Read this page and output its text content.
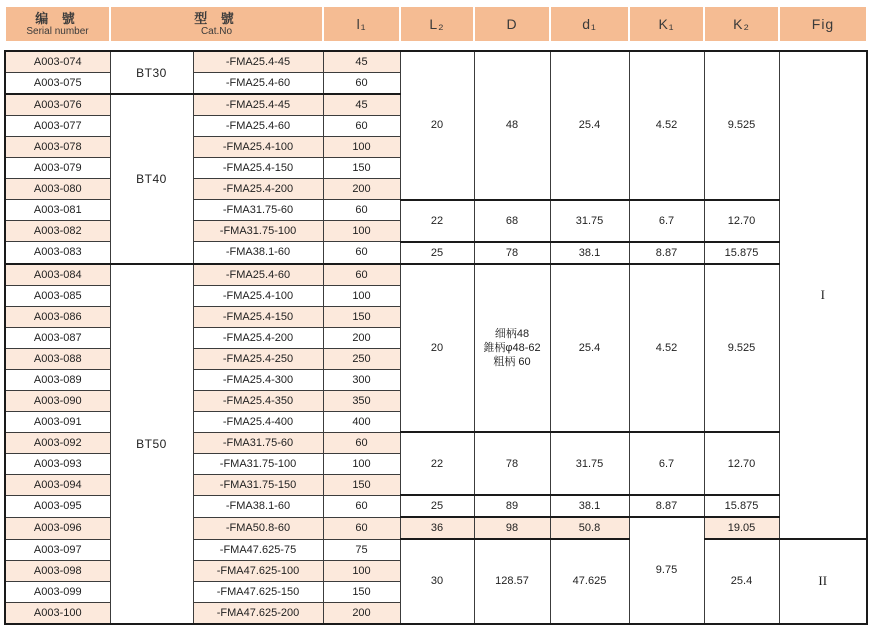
编 號
Serial number

型 號
Cat.No	l₁	L₂	D	d₁	K₁	K₂	Fig
A003-074	BT30	-FMA25.4-45	45	20	48	25.4	4.52	9.525	I
A003-075		-FMA25.4-60	60						
A003-076	BT40	-FMA25.4-45	45						
A003-077		-FMA25.4-60	60						
A003-078		-FMA25.4-100	100						
A003-079		-FMA25.4-150	150						
A003-080		-FMA25.4-200	200						
A003-081		-FMA31.75-60	60	22	68	31.75	6.7	12.70	
A003-082		-FMA31.75-100	100						
A003-083		-FMA38.1-60	60	25	78	38.1	8.87	15.875	
A003-084	BT50	-FMA25.4-60	60	20	细柄48
錐柄φ48-62
粗柄 60	25.4	4.52	9.525	
A003-085		-FMA25.4-100	100						
A003-086		-FMA25.4-150	150						
A003-087		-FMA25.4-200	200						
A003-088		-FMA25.4-250	250						
A003-089		-FMA25.4-300	300						
A003-090		-FMA25.4-350	350						
A003-091		-FMA25.4-400	400						
A003-092		-FMA31.75-60	60	22	78	31.75	6.7	12.70	
A003-093		-FMA31.75-100	100						
A003-094		-FMA31.75-150	150						
A003-095		-FMA38.1-60	60	25	89	38.1	8.87	15.875	
A003-096		-FMA50.8-60	60	36	98	50.8	9.75	19.05	
A003-097		-FMA47.625-75	75	30	128.57	47.625		25.4	II
A003-098		-FMA47.625-100	100						
A003-099		-FMA47.625-150	150						
A003-100		-FMA47.625-200	200						
